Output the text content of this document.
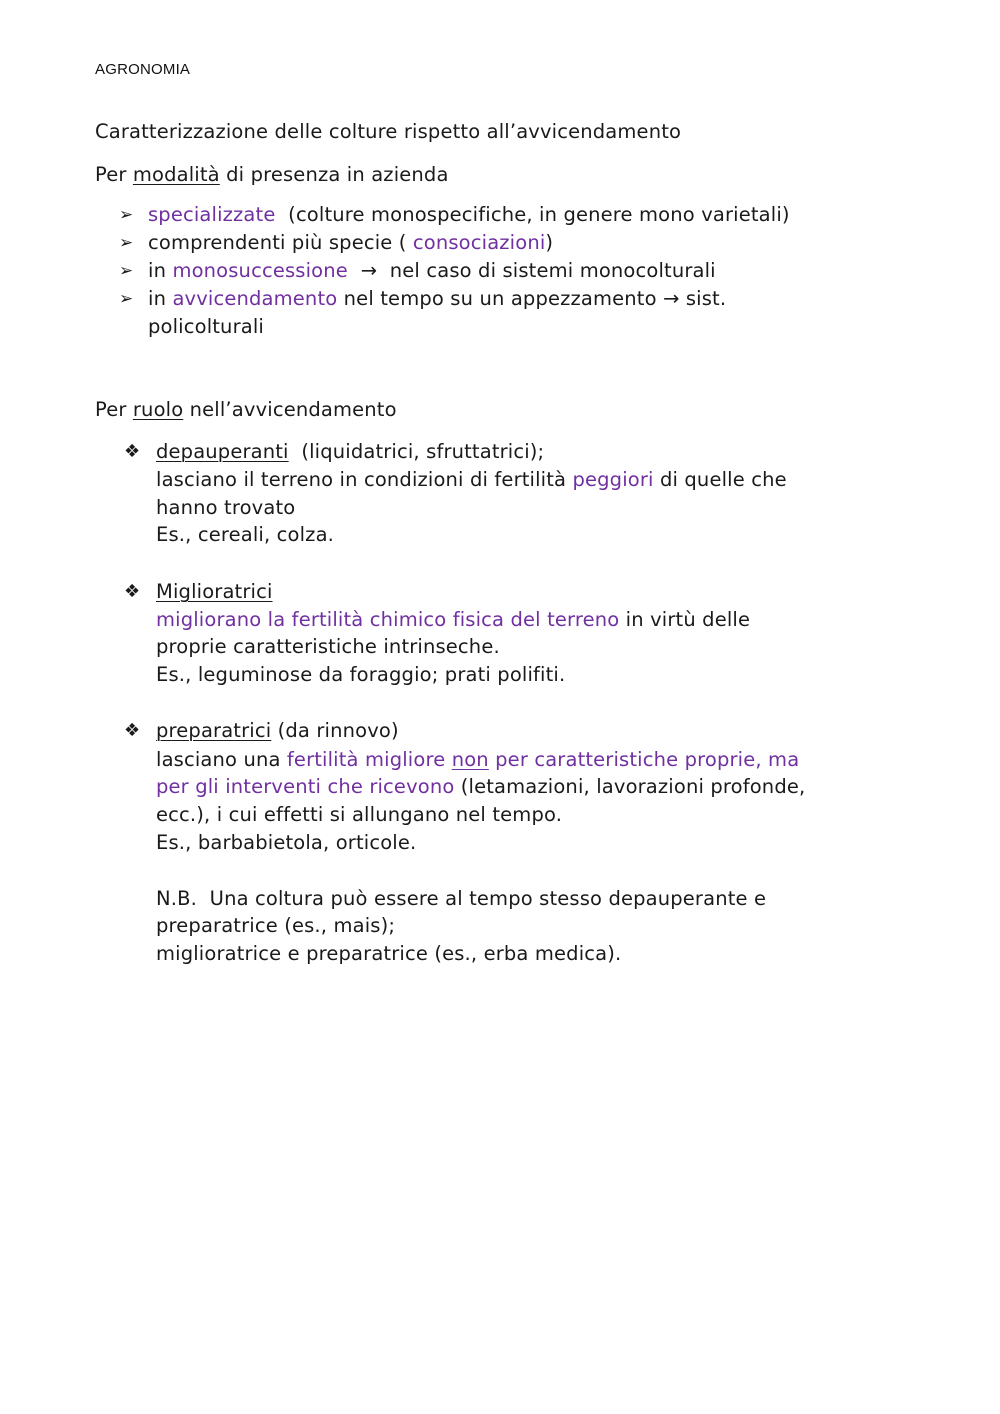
AGRONOMIA
Caratterizzazione delle colture rispetto all’avvicendamento
Per modalità di presenza in azienda
➢ specializzate  (colture monospecifiche, in genere mono varietali)
➢ comprendenti più specie ( consociazioni)
➢ in monosuccessione  →  nel caso di sistemi monocolturali
➢ in avvicendamento nel tempo su un appezzamento → sist.
policolturali
Per ruolo nell’avvicendamento
❖ depauperanti  (liquidatrici, sfruttatrici);
lasciano il terreno in condizioni di fertilità peggiori di quelle che
hanno trovato
Es., cereali, colza.
❖ Miglioratrici
migliorano la fertilità chimico fisica del terreno in virtù delle
proprie caratteristiche intrinseche.
Es., leguminose da foraggio; prati polifiti.
❖ preparatrici (da rinnovo)
lasciano una fertilità migliore non per caratteristiche proprie, ma
per gli interventi che ricevono (letamazioni, lavorazioni profonde,
ecc.), i cui effetti si allungano nel tempo.
Es., barbabietola, orticole.
N.B.  Una coltura può essere al tempo stesso depauperante e
preparatrice (es., mais);
miglioratrice e preparatrice (es., erba medica).
